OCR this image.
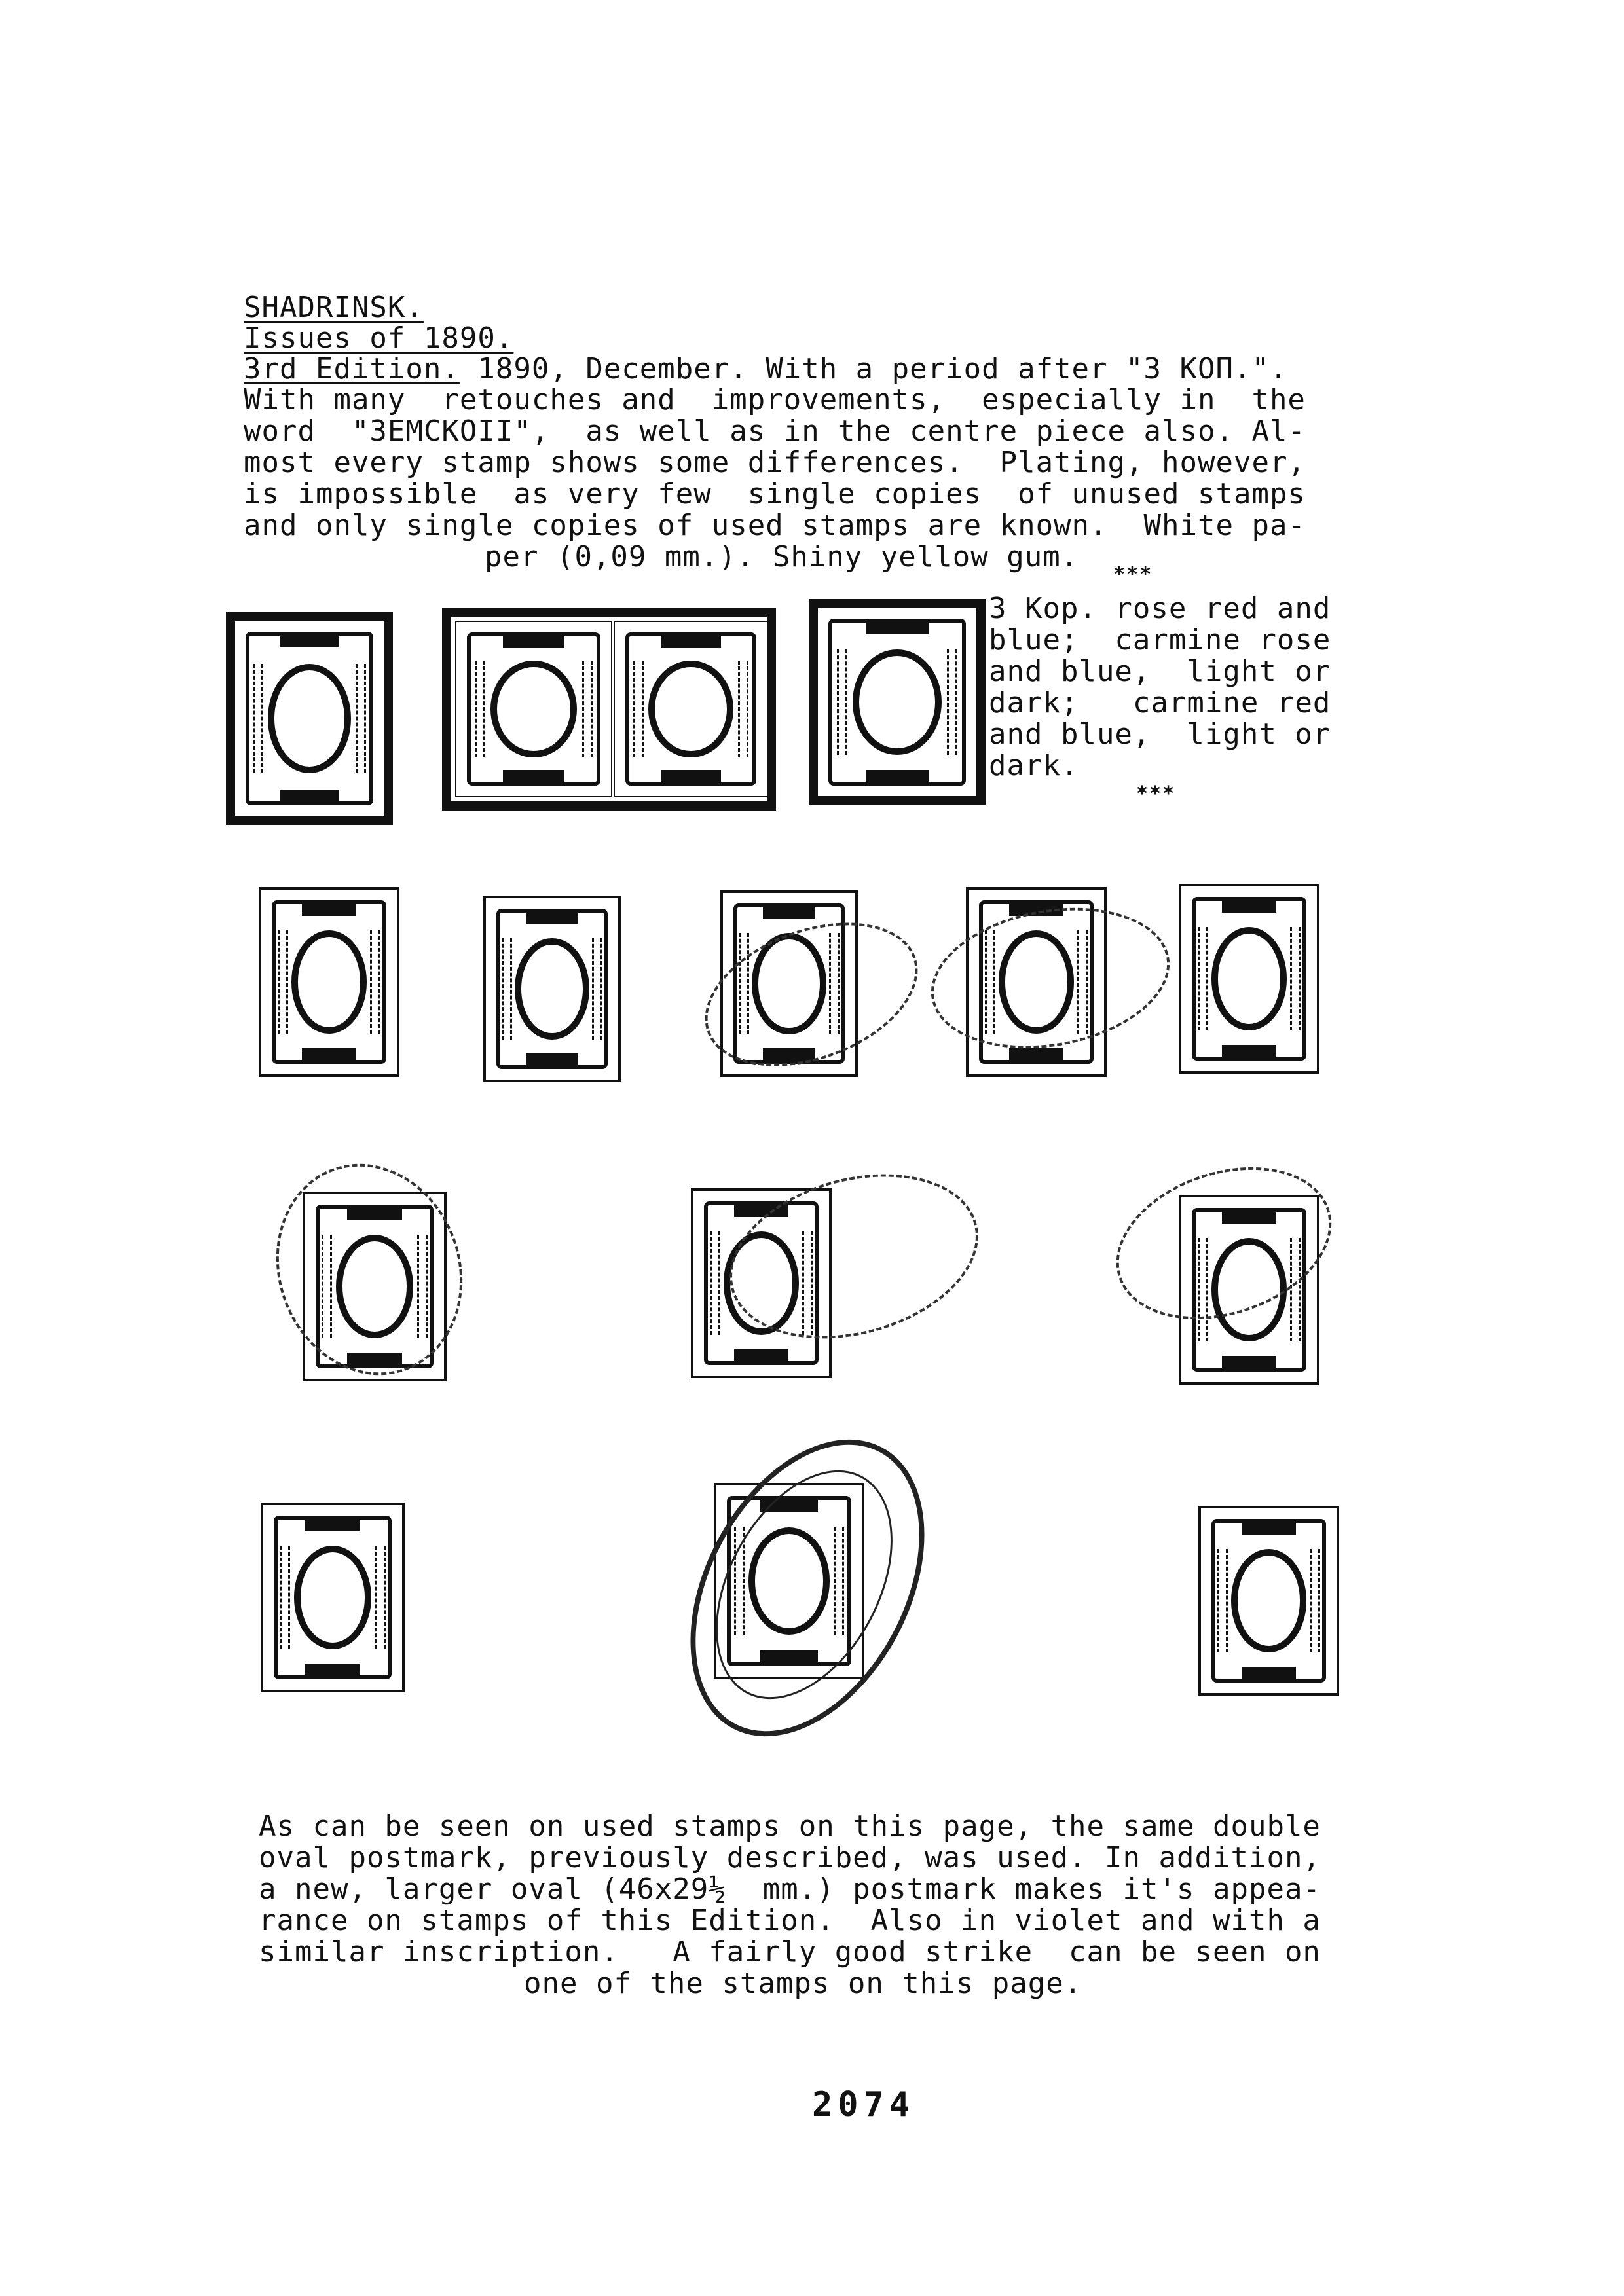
SHADRINSK.
Issues of 1890.
3rd Edition. 1890, December. With a period after "3 КОП.".
With many  retouches and  improvements,  especially in  the
word  "3EMCKOII",  as well as in the centre piece also. Al-
most every stamp shows some differences.  Plating, however,
is impossible  as very few  single copies  of unused stamps
and only single copies of used stamps are known.  White pa-
per (0,09 mm.). Shiny yellow gum.
***
3 Kop. rose red and
blue;  carmine rose
and blue,  light or
dark;   carmine red
and blue,  light or
dark.
***
As can be seen on used stamps on this page, the same double
oval postmark, previously described, was used. In addition,
a new, larger oval (46x29½  mm.) postmark makes it's appea-
rance on stamps of this Edition.  Also in violet and with a
similar inscription.   A fairly good strike  can be seen on
one of the stamps on this page.
2074
